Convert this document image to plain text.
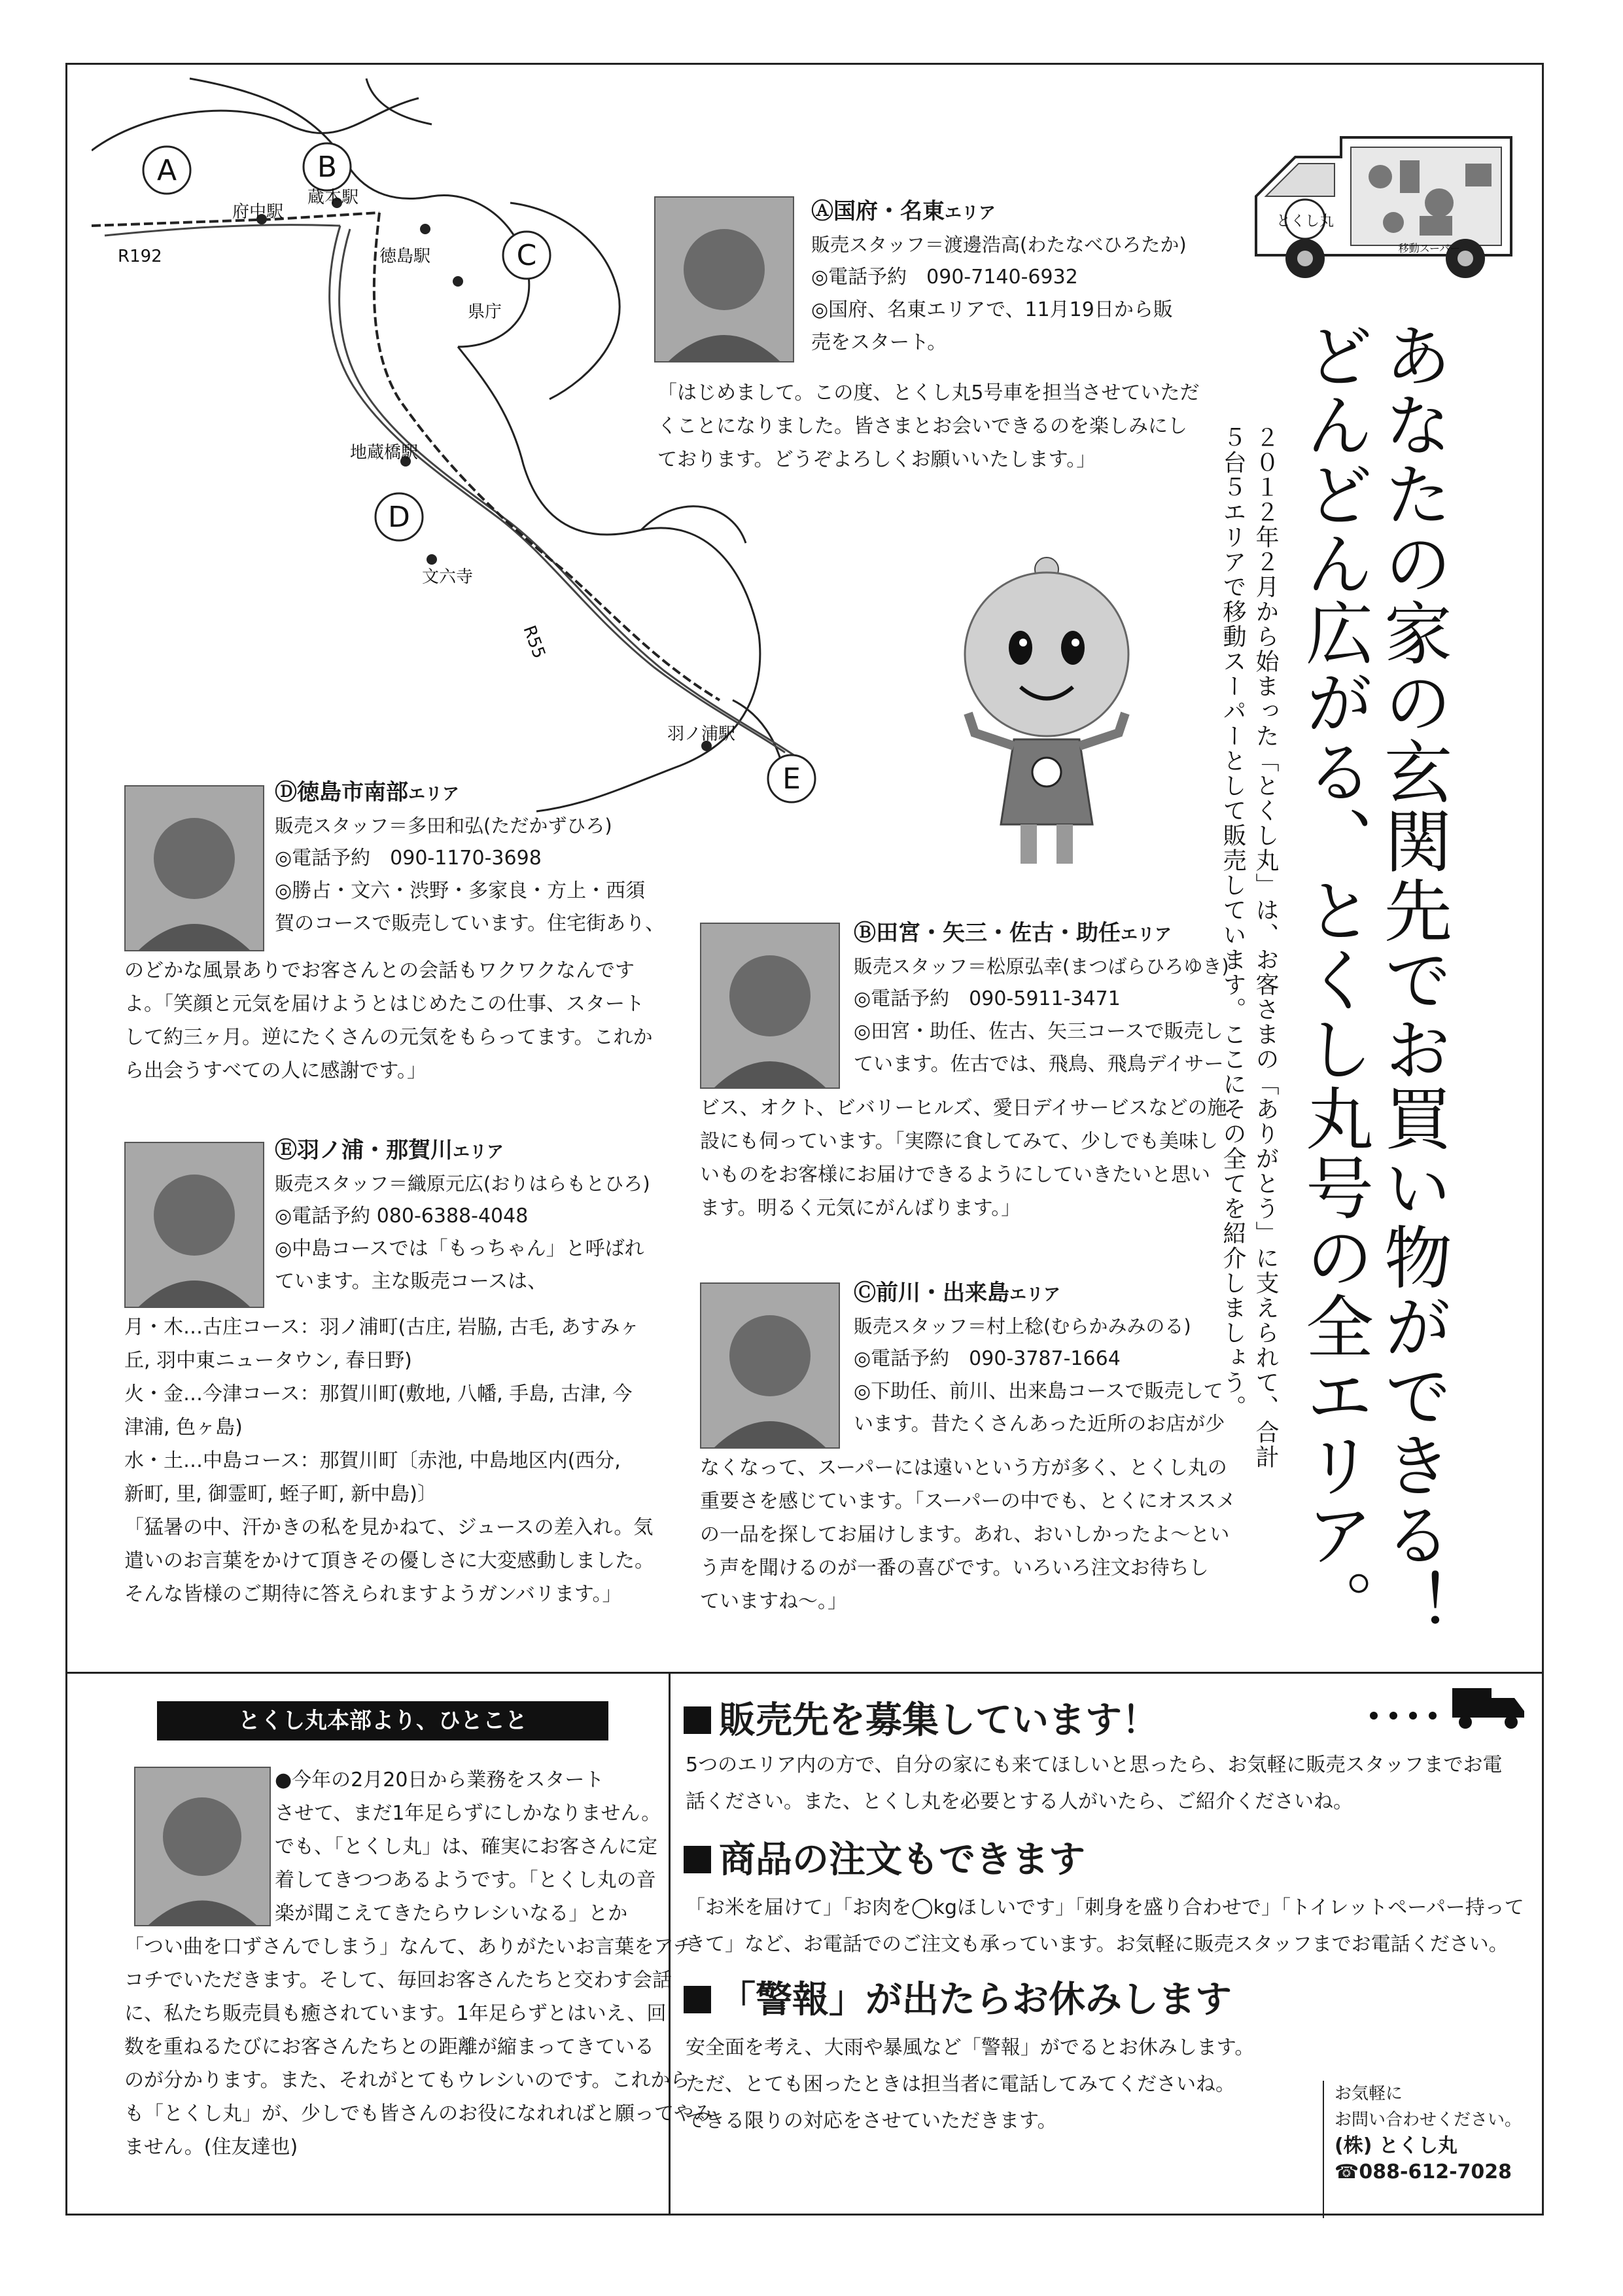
A	B
C
D
E
府中駅
蔵本駅
徳島駅
県庁
地蔵橋駅
文六寺
羽ノ浦駅
R192
R55
とくし丸
移動スーパー
あなたの家の玄関先でお買い物ができる！
どんどん広がる、とくし丸号の全エリア。
２０１２年２月から始まった「とくし丸」は、お客さまの「ありがとう」に支えられて、合計
５台５エリアで移動スーパーとして販売しています。ここにその全てを紹介しましょう。
Ⓐ国府・名東エリア
販売スタッフ＝渡邊浩高(わたなべひろたか)
◎電話予約　090-7140-6932
◎国府、名東エリアで、11月19日から販
売をスタート。
「はじめまして。この度、とくし丸5号車を担当させていただ
くことになりました。皆さまとお会いできるのを楽しみにし
ております。どうぞよろしくお願いいたします。」
Ⓓ徳島市南部エリア
販売スタッフ＝多田和弘(ただかずひろ)
◎電話予約　090-1170-3698
◎勝占・文六・渋野・多家良・方上・西須
賀のコースで販売しています。住宅街あり、
のどかな風景ありでお客さんとの会話もワクワクなんです
よ。「笑顔と元気を届けようとはじめたこの仕事、スタート
して約三ヶ月。逆にたくさんの元気をもらってます。これか
ら出会うすべての人に感謝です。」
Ⓑ田宮・矢三・佐古・助任エリア
販売スタッフ＝松原弘幸(まつばらひろゆき)
◎電話予約　090-5911-3471
◎田宮・助任、佐古、矢三コースで販売し
ています。佐古では、飛鳥、飛鳥デイサー
ビス、オクト、ビバリーヒルズ、愛日デイサービスなどの施
設にも伺っています。「実際に食してみて、少しでも美味し
いものをお客様にお届けできるようにしていきたいと思い
ます。明るく元気にがんばります。」
Ⓔ羽ノ浦・那賀川エリア
販売スタッフ＝織原元広(おりはらもとひろ)
◎電話予約 080-6388-4048
◎中島コースでは「もっちゃん」と呼ばれ
ています。主な販売コースは、
月・木…古庄コース：羽ノ浦町(古庄, 岩脇, 古毛, あすみヶ
丘, 羽中東ニュータウン, 春日野)
火・金…今津コース：那賀川町(敷地, 八幡, 手島, 古津, 今
津浦, 色ヶ島)
水・土…中島コース：那賀川町〔赤池, 中島地区内(西分,
新町, 里, 御霊町, 蛭子町, 新中島)〕
「猛暑の中、汗かきの私を見かねて、ジュースの差入れ。気
遣いのお言葉をかけて頂きその優しさに大変感動しました。
そんな皆様のご期待に答えられますようガンバリます。」
Ⓒ前川・出来島エリア
販売スタッフ＝村上稔(むらかみみのる)
◎電話予約　090-3787-1664
◎下助任、前川、出来島コースで販売して
います。昔たくさんあった近所のお店が少
なくなって、スーパーには遠いという方が多く、とくし丸の
重要さを感じています。「スーパーの中でも、とくにオススメ
の一品を探してお届けします。あれ、おいしかったよ〜とい
う声を聞けるのが一番の喜びです。いろいろ注文お待ちし
ていますね〜。」
とくし丸本部より、ひとこと
●今年の2月20日から業務をスタート
させて、まだ1年足らずにしかなりません。
でも、「とくし丸」は、確実にお客さんに定
着してきつつあるようです。「とくし丸の音
楽が聞こえてきたらウレシいなる」とか
「つい曲を口ずさんでしまう」なんて、ありがたいお言葉をアチ
コチでいただきます。そして、毎回お客さんたちと交わす会話
に、私たち販売員も癒されています。1年足らずとはいえ、回
数を重ねるたびにお客さんたちとの距離が縮まってきている
のが分かります。また、それがとてもウレシいのです。これから
も「とくし丸」が、少しでも皆さんのお役になれればと願ってやみ
ません。(住友達也)
販売先を募集しています！
5つのエリア内の方で、自分の家にも来てほしいと思ったら、お気軽に販売スタッフまでお電
話ください。また、とくし丸を必要とする人がいたら、ご紹介くださいね。
商品の注文もできます
「お米を届けて」「お肉を◯kgほしいです」「刺身を盛り合わせで」「トイレットペーパー持って
きて」など、お電話でのご注文も承っています。お気軽に販売スタッフまでお電話ください。
「警報」が出たらお休みします
安全面を考え、大雨や暴風など「警報」がでるとお休みします。
ただ、とても困ったときは担当者に電話してみてくださいね。
できる限りの対応をさせていただきます。
お気軽に
お問い合わせください。
(株) とくし丸
☎088-612-7028
